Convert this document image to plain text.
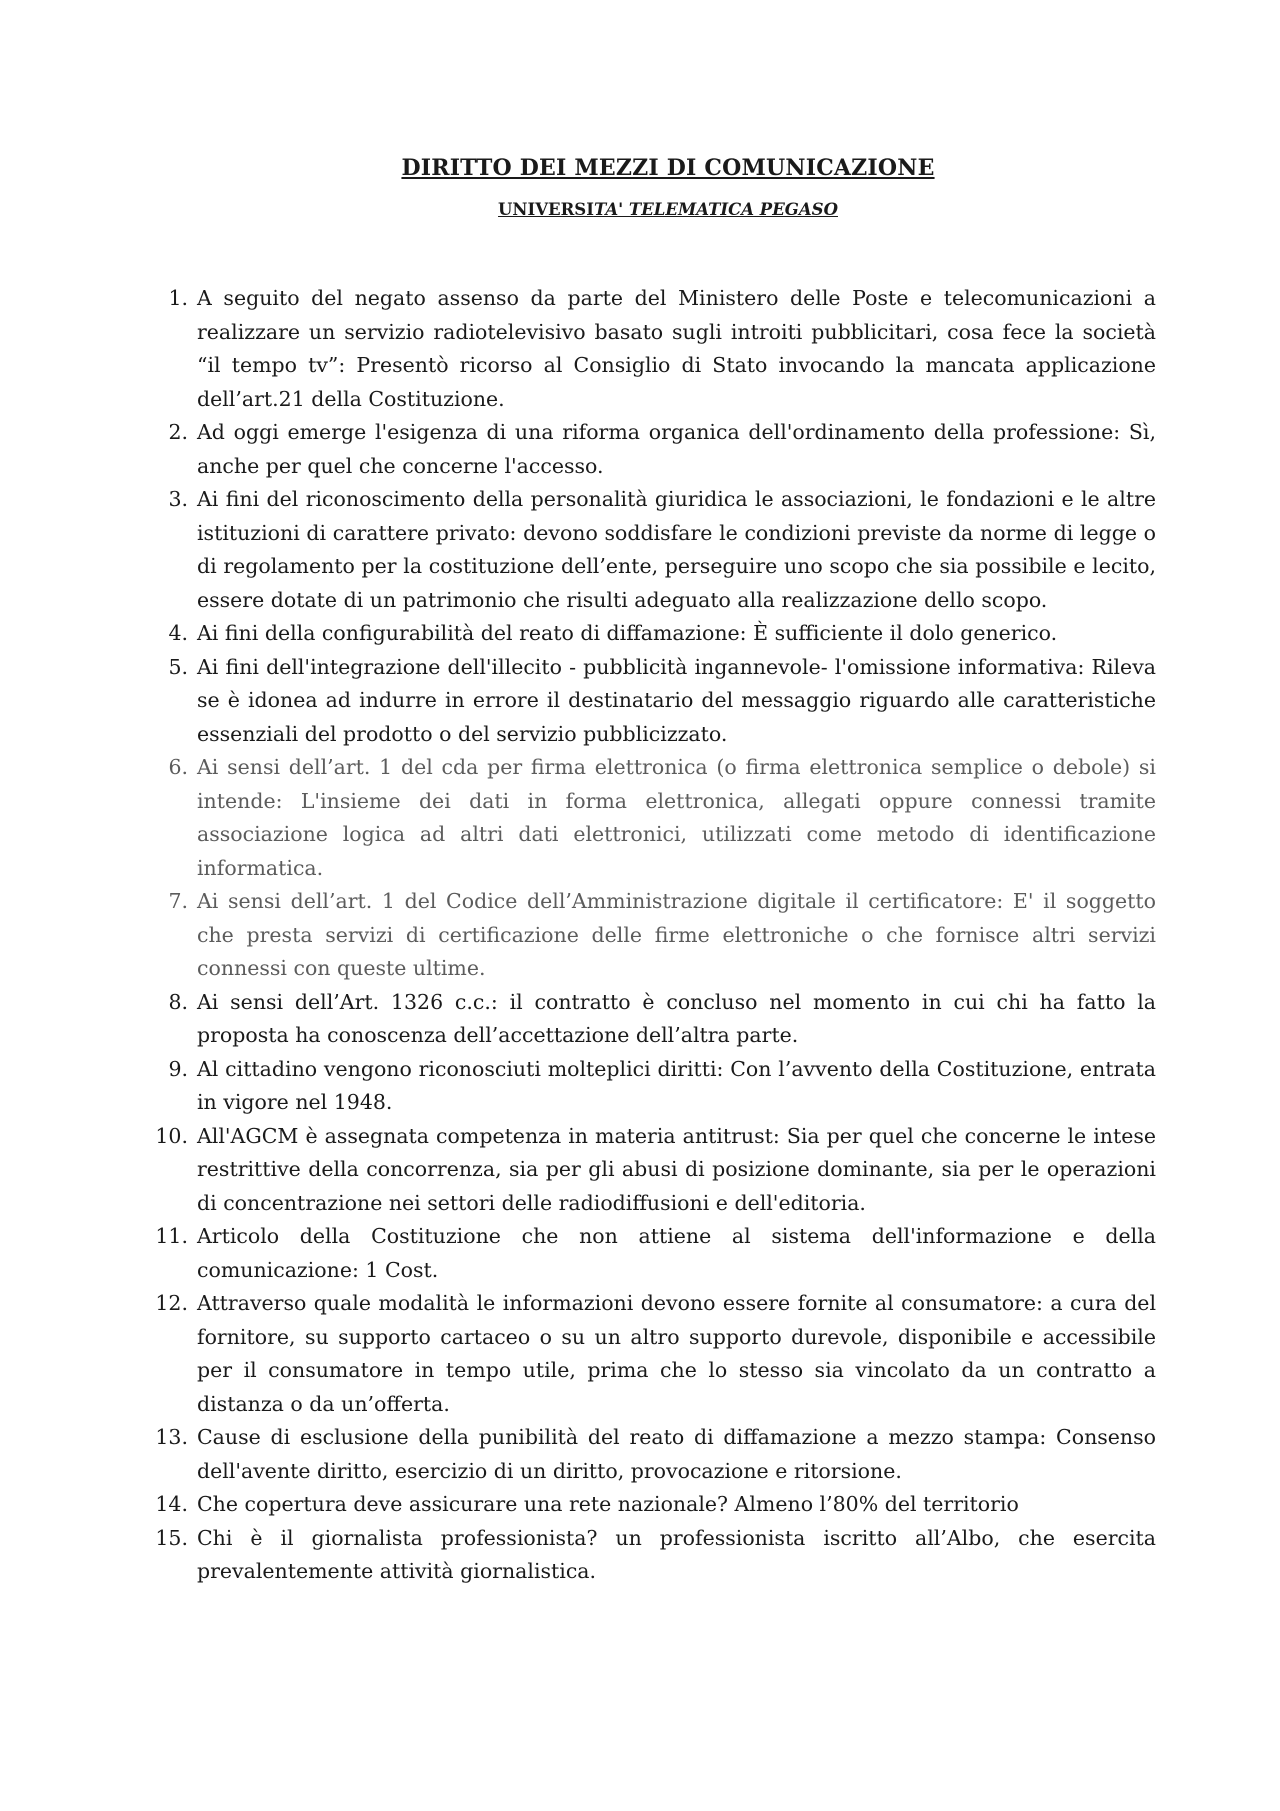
DIRITTO DEI MEZZI DI COMUNICAZIONE
UNIVERSITA' TELEMATICA PEGASO
1. A seguito del negato assenso da parte del Ministero delle Poste e telecomunicazioni a realizzare un servizio radiotelevisivo basato sugli introiti pubblicitari, cosa fece la società “il tempo tv”: Presentò ricorso al Consiglio di Stato invocando la mancata applicazione dell’art.21 della Costituzione.
2. Ad oggi emerge l'esigenza di una riforma organica dell'ordinamento della professione: Sì, anche per quel che concerne l'accesso.
3. Ai fini del riconoscimento della personalità giuridica le associazioni, le fondazioni e le altre istituzioni di carattere privato: devono soddisfare le condizioni previste da norme di legge o di regolamento per la costituzione dell’ente, perseguire uno scopo che sia possibile e lecito, essere dotate di un patrimonio che risulti adeguato alla realizzazione dello scopo.
4. Ai fini della configurabilità del reato di diffamazione: È sufficiente il dolo generico.
5. Ai fini dell'integrazione dell'illecito - pubblicità ingannevole- l'omissione informativa: Rileva se è idonea ad indurre in errore il destinatario del messaggio riguardo alle caratteristiche essenziali del prodotto o del servizio pubblicizzato.
6. Ai sensi dell’art. 1 del cda per firma elettronica (o firma elettronica semplice o debole) si intende: L'insieme dei dati in forma elettronica, allegati oppure connessi tramite associazione logica ad altri dati elettronici, utilizzati come metodo di identificazione informatica.
7. Ai sensi dell’art. 1 del Codice dell’Amministrazione digitale il certificatore: E' il soggetto che presta servizi di certificazione delle firme elettroniche o che fornisce altri servizi connessi con queste ultime.
8. Ai sensi dell’Art. 1326 c.c.: il contratto è concluso nel momento in cui chi ha fatto la proposta ha conoscenza dell’accettazione dell’altra parte.
9. Al cittadino vengono riconosciuti molteplici diritti: Con l’avvento della Costituzione, entrata in vigore nel 1948.
10. All'AGCM è assegnata competenza in materia antitrust: Sia per quel che concerne le intese restrittive della concorrenza, sia per gli abusi di posizione dominante, sia per le operazioni di concentrazione nei settori delle radiodiffusioni e dell'editoria.
11. Articolo della Costituzione che non attiene al sistema dell'informazione e della comunicazione: 1 Cost.
12. Attraverso quale modalità le informazioni devono essere fornite al consumatore: a cura del fornitore, su supporto cartaceo o su un altro supporto durevole, disponibile e accessibile per il consumatore in tempo utile, prima che lo stesso sia vincolato da un contratto a distanza o da un’offerta.
13. Cause di esclusione della punibilità del reato di diffamazione a mezzo stampa: Consenso dell'avente diritto, esercizio di un diritto, provocazione e ritorsione.
14. Che copertura deve assicurare una rete nazionale? Almeno l’80% del territorio
15. Chi è il giornalista professionista? un professionista iscritto all’Albo, che esercita prevalentemente attività giornalistica.
